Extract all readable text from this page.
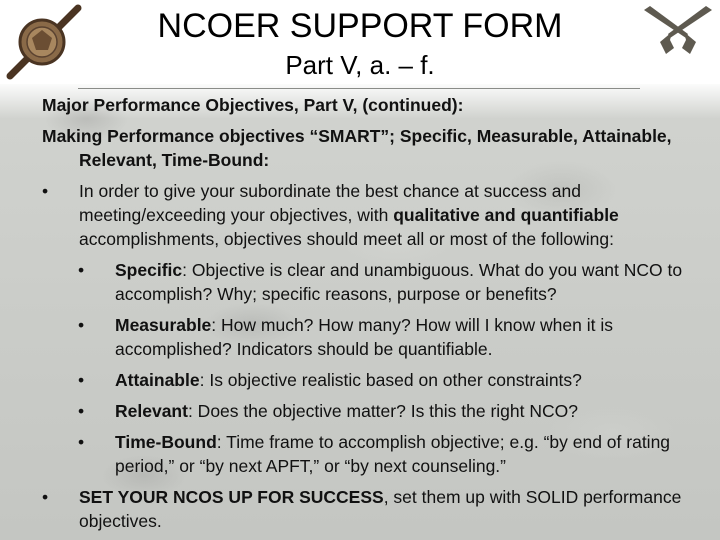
NCOER SUPPORT FORM
Part V, a. – f.

Major Performance Objectives, Part V, (continued):

Making Performance objectives “SMART”; Specific, Measurable, Attainable, Relevant, Time-Bound:

• In order to give your subordinate the best chance at success and meeting/exceeding your objectives, with qualitative and quantifiable accomplishments, objectives should meet all or most of the following:
• Specific: Objective is clear and unambiguous. What do you want NCO to accomplish? Why; specific reasons, purpose or benefits?
• Measurable: How much? How many? How will I know when it is accomplished? Indicators should be quantifiable.
• Attainable: Is objective realistic based on other constraints?
• Relevant: Does the objective matter? Is this the right NCO?
• Time-Bound: Time frame to accomplish objective; e.g. “by end of rating period,” or “by next APFT,” or “by next counseling.”
• SET YOUR NCOS UP FOR SUCCESS, set them up with SOLID performance objectives.
